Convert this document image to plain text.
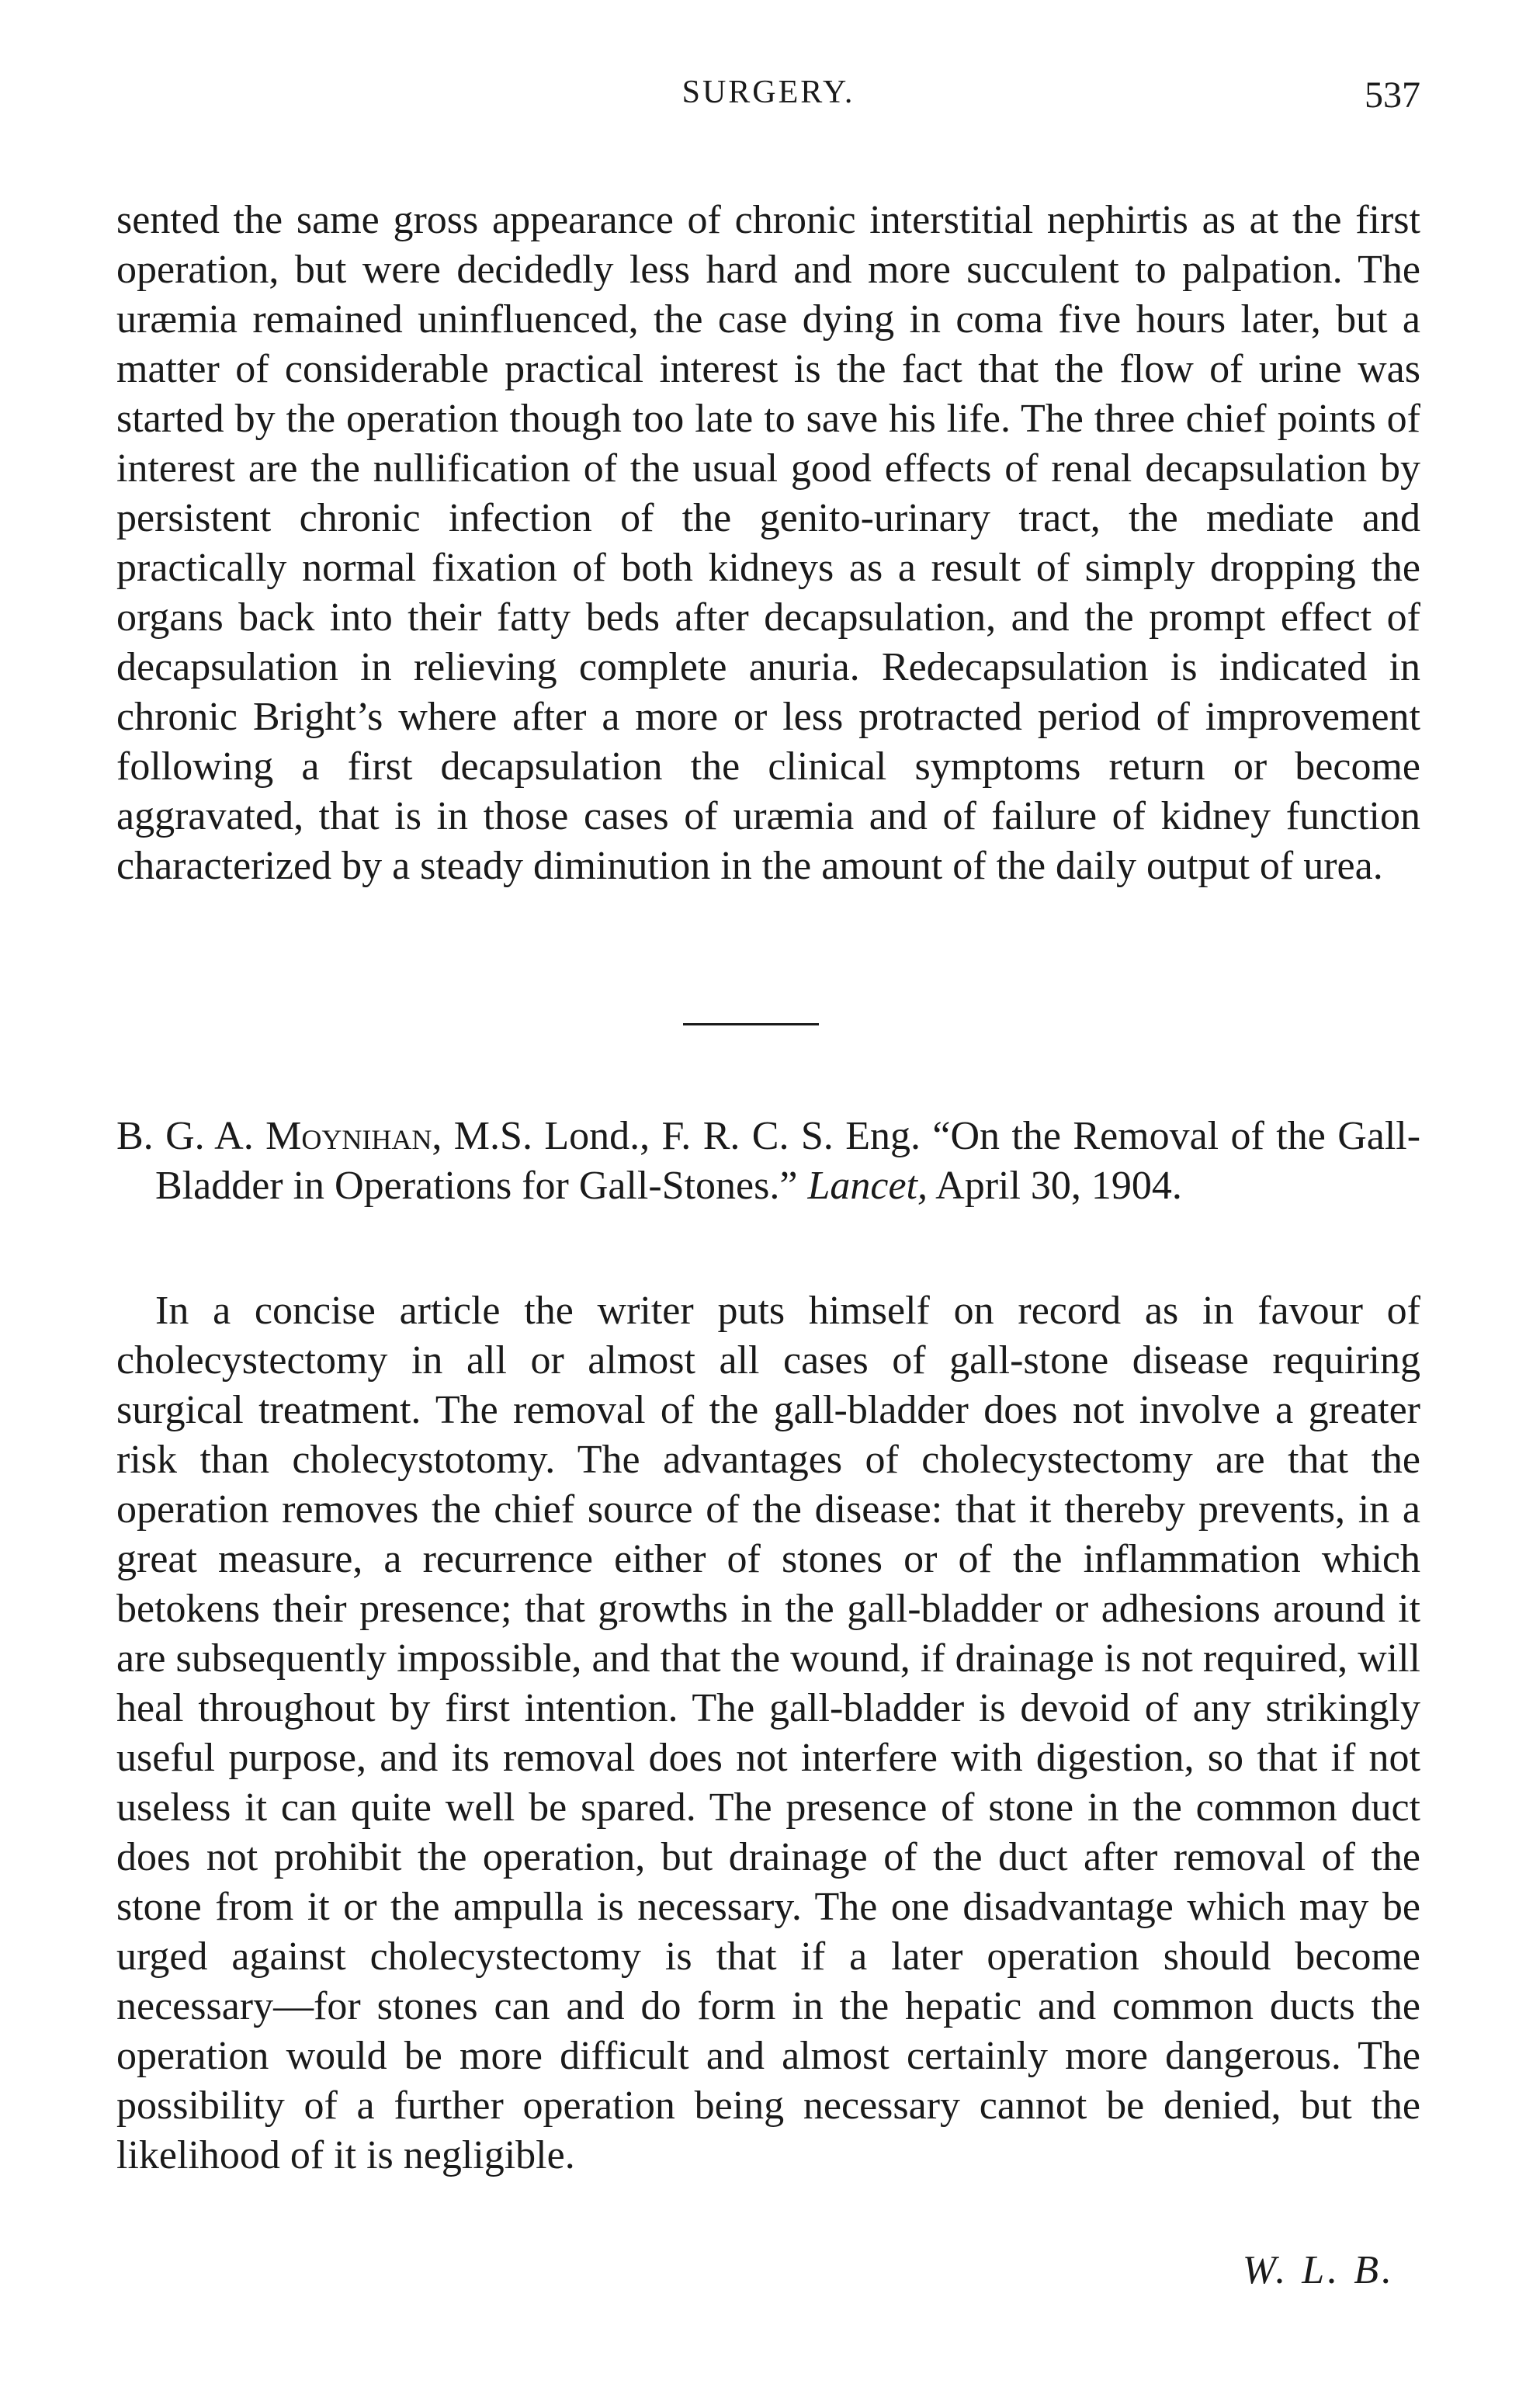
SURGERY.	537

sented the same gross appearance of chronic interstitial nephirtis as at the first operation, but were decidedly less hard and more succulent to palpation. The uræmia remained uninfluenced, the case dying in coma five hours later, but a matter of considerable practical interest is the fact that the flow of urine was started by the operation though too late to save his life. The three chief points of interest are the nullification of the usual good effects of renal decapsulation by persistent chronic infection of the genito-urinary tract, the mediate and practically normal fixation of both kidneys as a result of simply dropping the organs back into their fatty beds after decapsulation, and the prompt effect of decapsulation in relieving complete anuria. Redecapsulation is indicated in chronic Bright’s where after a more or less protracted period of improvement following a first decapsulation the clinical symptoms return or become aggravated, that is in those cases of uræmia and of failure of kidney function characterized by a steady diminution in the amount of the daily output of urea.

B. G. A. Moynihan, M.S. Lond., F. R. C. S. Eng. “On the Removal of the Gall-Bladder in Operations for Gall-Stones.” Lancet, April 30, 1904.

In a concise article the writer puts himself on record as in favour of cholecystectomy in all or almost all cases of gall-stone disease requiring surgical treatment. The removal of the gall-bladder does not involve a greater risk than cholecystotomy. The advantages of cholecystectomy are that the operation removes the chief source of the disease: that it thereby prevents, in a great measure, a recurrence either of stones or of the inflammation which betokens their presence; that growths in the gall-bladder or adhesions around it are subsequently impossible, and that the wound, if drainage is not required, will heal throughout by first intention. The gall-bladder is devoid of any strikingly useful purpose, and its removal does not interfere with digestion, so that if not useless it can quite well be spared. The presence of stone in the common duct does not prohibit the operation, but drainage of the duct after removal of the stone from it or the ampulla is necessary. The one disadvantage which may be urged against cholecystectomy is that if a later operation should become necessary—for stones can and do form in the hepatic and common ducts the operation would be more difficult and almost certainly more dangerous. The possibility of a further operation being necessary cannot be denied, but the likelihood of it is negligible.

W. L. B.
